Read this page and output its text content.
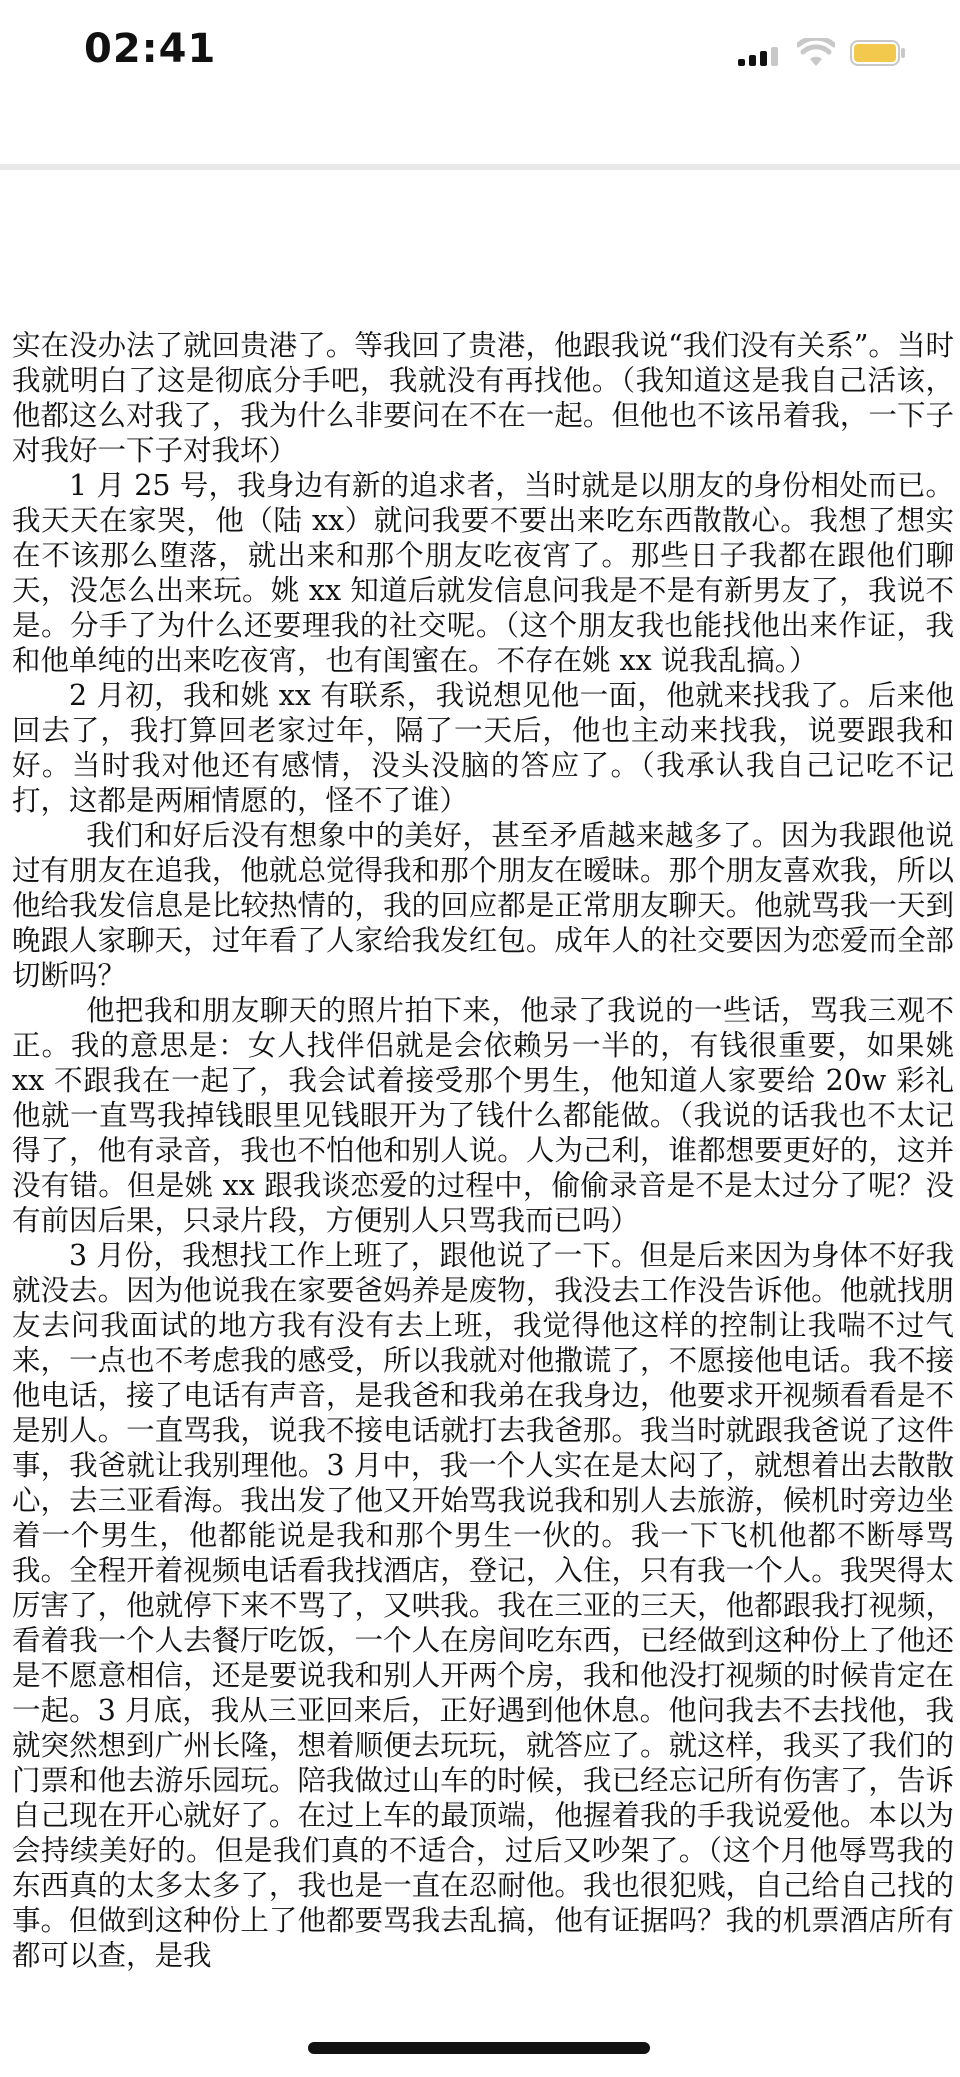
02:41

实在没办法了就回贵港了。等我回了贵港，他跟我说“我们没有关系”。当时我就明白了这是彻底分手吧，我就没有再找他。（我知道这是我自己活该，他都这么对我了，我为什么非要问在不在一起。但他也不该吊着我，一下子对我好一下子对我坏）

1 月 25 号，我身边有新的追求者，当时就是以朋友的身份相处而已。我天天在家哭，他（陆 xx）就问我要不要出来吃东西散散心。我想了想实在不该那么堕落，就出来和那个朋友吃夜宵了。那些日子我都在跟他们聊天，没怎么出来玩。姚 xx 知道后就发信息问我是不是有新男友了，我说不是。分手了为什么还要理我的社交呢。（这个朋友我也能找他出来作证，我和他单纯的出来吃夜宵，也有闺蜜在。不存在姚 xx 说我乱搞。）

2 月初，我和姚 xx 有联系，我说想见他一面，他就来找我了。后来他回去了，我打算回老家过年，隔了一天后，他也主动来找我，说要跟我和好。当时我对他还有感情，没头没脑的答应了。（我承认我自己记吃不记打，这都是两厢情愿的，怪不了谁）

我们和好后没有想象中的美好，甚至矛盾越来越多了。因为我跟他说过有朋友在追我，他就总觉得我和那个朋友在暧昧。那个朋友喜欢我，所以他给我发信息是比较热情的，我的回应都是正常朋友聊天。他就骂我一天到晚跟人家聊天，过年看了人家给我发红包。成年人的社交要因为恋爱而全部切断吗？

他把我和朋友聊天的照片拍下来，他录了我说的一些话，骂我三观不正。我的意思是：女人找伴侣就是会依赖另一半的，有钱很重要，如果姚 xx 不跟我在一起了，我会试着接受那个男生，他知道人家要给 20w 彩礼他就一直骂我掉钱眼里见钱眼开为了钱什么都能做。（我说的话我也不太记得了，他有录音，我也不怕他和别人说。人为己利，谁都想要更好的，这并没有错。但是姚 xx 跟我谈恋爱的过程中，偷偷录音是不是太过分了呢？没有前因后果，只录片段，方便别人只骂我而已吗）

3 月份，我想找工作上班了，跟他说了一下。但是后来因为身体不好我就没去。因为他说我在家要爸妈养是废物，我没去工作没告诉他。他就找朋友去问我面试的地方我有没有去上班，我觉得他这样的控制让我喘不过气来，一点也不考虑我的感受，所以我就对他撒谎了，不愿接他电话。我不接他电话，接了电话有声音，是我爸和我弟在我身边，他要求开视频看看是不是别人。一直骂我，说我不接电话就打去我爸那。我当时就跟我爸说了这件事，我爸就让我别理他。3 月中，我一个人实在是太闷了，就想着出去散散心，去三亚看海。我出发了他又开始骂我说我和别人去旅游，候机时旁边坐着一个男生，他都能说是我和那个男生一伙的。我一下飞机他都不断辱骂我。全程开着视频电话看我找酒店，登记，入住，只有我一个人。我哭得太厉害了，他就停下来不骂了，又哄我。我在三亚的三天，他都跟我打视频，看着我一个人去餐厅吃饭，一个人在房间吃东西，已经做到这种份上了他还是不愿意相信，还是要说我和别人开两个房，我和他没打视频的时候肯定在一起。3 月底，我从三亚回来后，正好遇到他休息。他问我去不去找他，我就突然想到广州长隆，想着顺便去玩玩，就答应了。就这样，我买了我们的门票和他去游乐园玩。陪我做过山车的时候，我已经忘记所有伤害了，告诉自己现在开心就好了。在过上车的最顶端，他握着我的手我说爱他。本以为会持续美好的。但是我们真的不适合，过后又吵架了。（这个月他辱骂我的东西真的太多太多了，我也是一直在忍耐他。我也很犯贱，自己给自己找的事。但做到这种份上了他都要骂我去乱搞，他有证据吗？我的机票酒店所有都可以查，是我
